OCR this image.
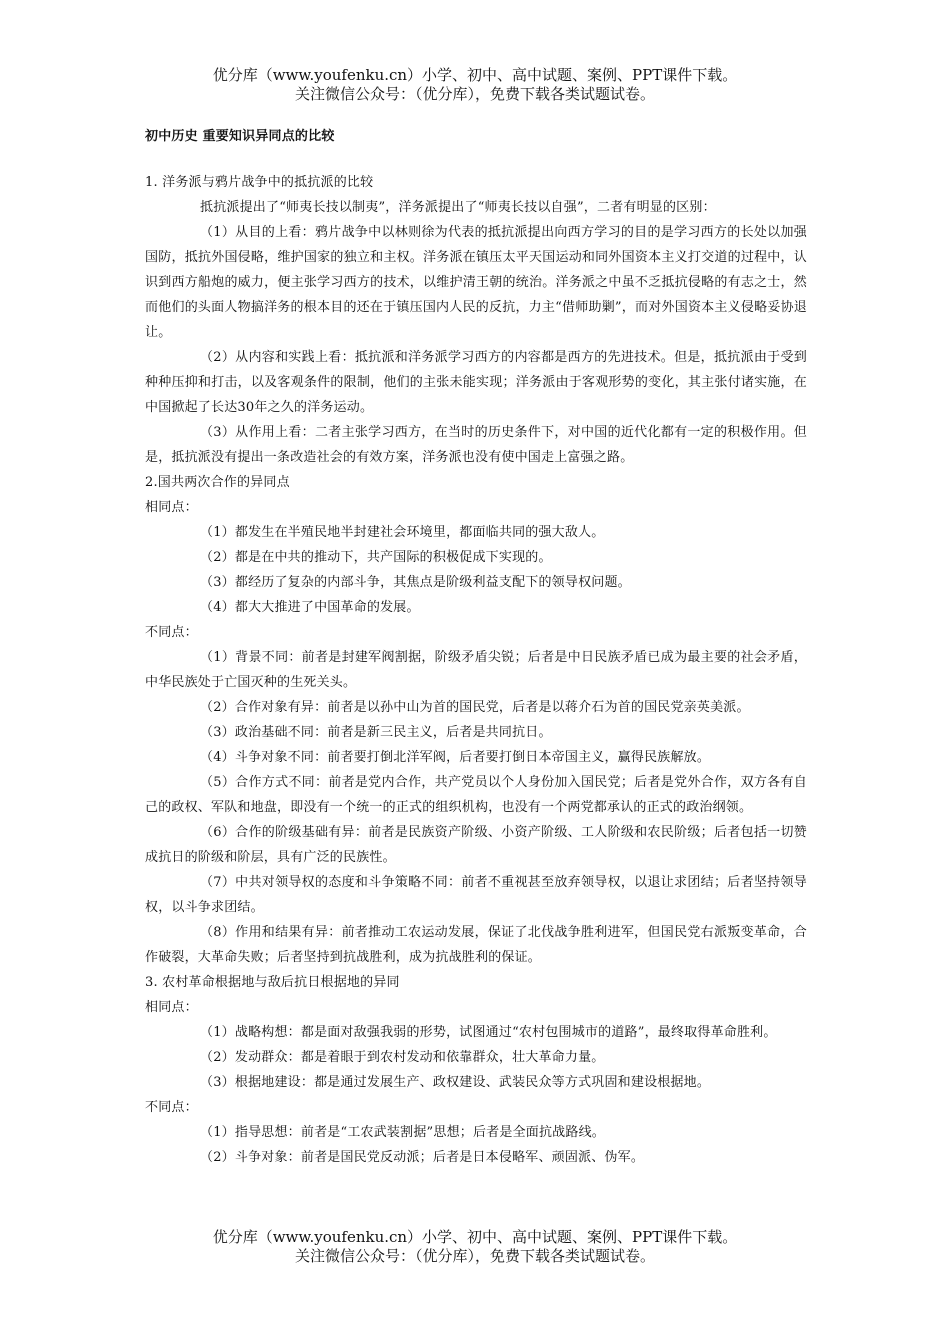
优分库（www.youfenku.cn）小学、初中、高中试题、案例、PPT课件下载。
关注微信公众号：（优分库），免费下载各类试题试卷。
初中历史 重要知识异同点的比较

1. 洋务派与鸦片战争中的抵抗派的比较

抵抗派提出了“师夷长技以制夷”，洋务派提出了“师夷长技以自强”，二者有明显的区别：

（1）从目的上看：鸦片战争中以林则徐为代表的抵抗派提出向西方学习的目的是学习西方的长处以加强国防，抵抗外国侵略，维护国家的独立和主权。洋务派在镇压太平天国运动和同外国资本主义打交道的过程中，认识到西方船炮的威力，便主张学习西方的技术，以维护清王朝的统治。洋务派之中虽不乏抵抗侵略的有志之士，然而他们的头面人物搞洋务的根本目的还在于镇压国内人民的反抗，力主“借师助剿”，而对外国资本主义侵略妥协退让。

（2）从内容和实践上看：抵抗派和洋务派学习西方的内容都是西方的先进技术。但是，抵抗派由于受到种种压抑和打击，以及客观条件的限制，他们的主张未能实现；洋务派由于客观形势的变化，其主张付诸实施，在中国掀起了长达30年之久的洋务运动。

（3）从作用上看：二者主张学习西方，在当时的历史条件下，对中国的近代化都有一定的积极作用。但是，抵抗派没有提出一条改造社会的有效方案，洋务派也没有使中国走上富强之路。

2.国共两次合作的异同点

相同点：

（1）都发生在半殖民地半封建社会环境里，都面临共同的强大敌人。

（2）都是在中共的推动下，共产国际的积极促成下实现的。

（3）都经历了复杂的内部斗争，其焦点是阶级利益支配下的领导权问题。

（4）都大大推进了中国革命的发展。

不同点：

（1）背景不同：前者是封建军阀割据，阶级矛盾尖锐；后者是中日民族矛盾已成为最主要的社会矛盾，中华民族处于亡国灭种的生死关头。

（2）合作对象有异：前者是以孙中山为首的国民党，后者是以蒋介石为首的国民党亲英美派。

（3）政治基础不同：前者是新三民主义，后者是共同抗日。

（4）斗争对象不同：前者要打倒北洋军阀，后者要打倒日本帝国主义，赢得民族解放。

（5）合作方式不同：前者是党内合作，共产党员以个人身份加入国民党；后者是党外合作，双方各有自己的政权、军队和地盘，即没有一个统一的正式的组织机构，也没有一个两党都承认的正式的政治纲领。

（6）合作的阶级基础有异：前者是民族资产阶级、小资产阶级、工人阶级和农民阶级；后者包括一切赞成抗日的阶级和阶层，具有广泛的民族性。

（7）中共对领导权的态度和斗争策略不同：前者不重视甚至放弃领导权，以退让求团结；后者坚持领导权，以斗争求团结。

（8）作用和结果有异：前者推动工农运动发展，保证了北伐战争胜利进军，但国民党右派叛变革命，合作破裂，大革命失败；后者坚持到抗战胜利，成为抗战胜利的保证。

3. 农村革命根据地与敌后抗日根据地的异同

相同点：

（1）战略构想：都是面对敌强我弱的形势，试图通过“农村包围城市的道路”，最终取得革命胜利。

（2）发动群众：都是着眼于到农村发动和依靠群众，壮大革命力量。

（3）根据地建设：都是通过发展生产、政权建设、武装民众等方式巩固和建设根据地。

不同点：

（1）指导思想：前者是“工农武装割据”思想；后者是全面抗战路线。

（2）斗争对象：前者是国民党反动派；后者是日本侵略军、顽固派、伪军。

优分库（www.youfenku.cn）小学、初中、高中试题、案例、PPT课件下载。
关注微信公众号：（优分库），免费下载各类试题试卷。
